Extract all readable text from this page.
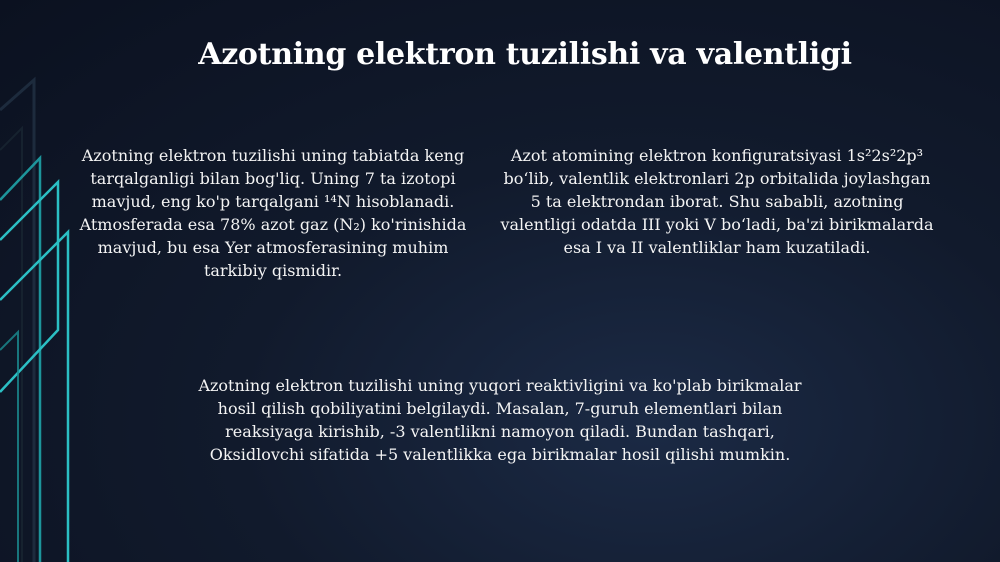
Azotning elektron tuzilishi va valentligi

Azotning elektron tuzilishi uning tabiatda keng tarqalganligi bilan bog'liq. Uning 7 ta izotopi mavjud, eng ko'p tarqalgani ¹⁴N hisoblanadi. Atmosferada esa 78% azot gaz (N₂) ko'rinishida mavjud, bu esa Yer atmosferasining muhim tarkibiy qismidir.

Azot atomining elektron konfiguratsiyasi 1s²2s²2p³ bo‘lib, valentlik elektronlari 2p orbitalida joylashgan 5 ta elektrondan iborat. Shu sababli, azotning valentligi odatda III yoki V bo‘ladi, ba'zi birikmalarda esa I va II valentliklar ham kuzatiladi.

Azotning elektron tuzilishi uning yuqori reaktivligini va ko'plab birikmalar hosil qilish qobiliyatini belgilaydi. Masalan, 7-guruh elementlari bilan reaksiyaga kirishib, -3 valentlikni namoyon qiladi. Bundan tashqari, Oksidlovchi sifatida +5 valentlikka ega birikmalar hosil qilishi mumkin.
